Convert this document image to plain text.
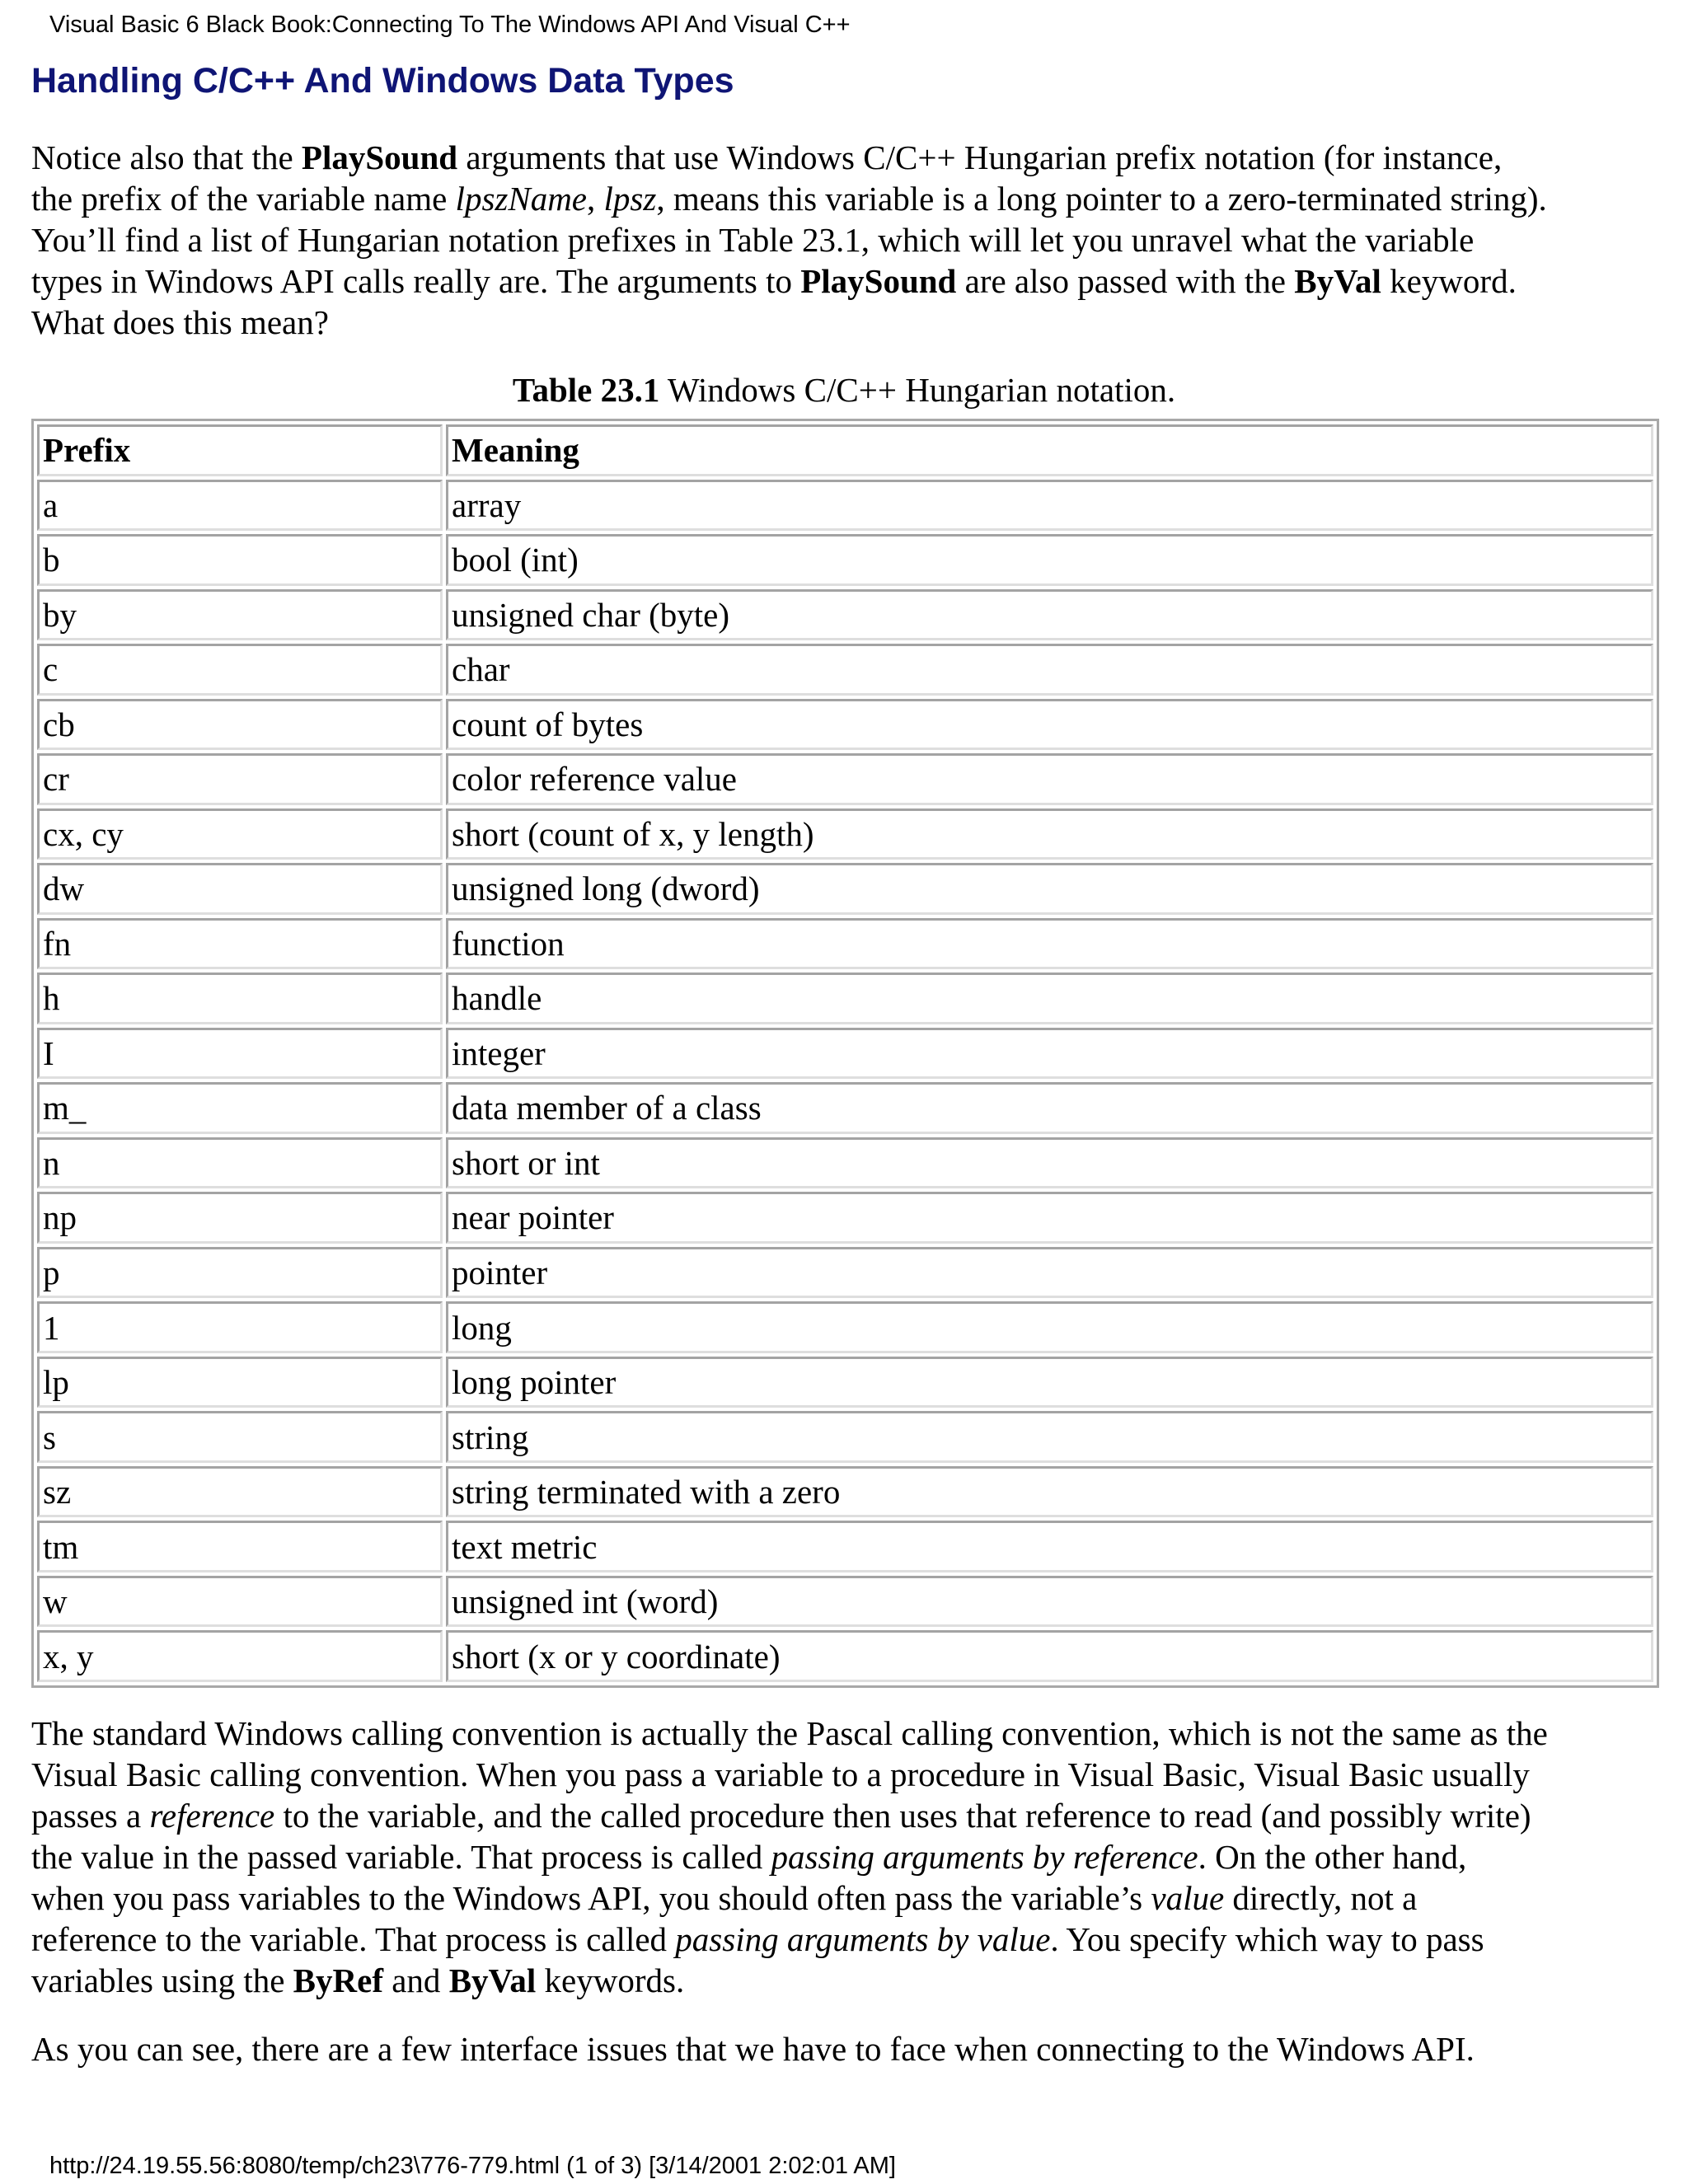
Visual Basic 6 Black Book:Connecting To The Windows API And Visual C++
Handling C/C++ And Windows Data Types
Notice also that the PlaySound arguments that use Windows C/C++ Hungarian prefix notation (for instance,
the prefix of the variable name lpszName, lpsz, means this variable is a long pointer to a zero-terminated string).
You’ll find a list of Hungarian notation prefixes in Table 23.1, which will let you unravel what the variable
types in Windows API calls really are. The arguments to PlaySound are also passed with the ByVal keyword.
What does this mean?

Table 23.1 Windows C/C++ Hungarian notation.

Prefix	Meaning
a	array
b	bool (int)
by	unsigned char (byte)
c	char
cb	count of bytes
cr	color reference value
cx, cy	short (count of x, y length)
dw	unsigned long (dword)
fn	function
h	handle
I	integer
m_	data member of a class
n	short or int
np	near pointer
p	pointer
1	long
lp	long pointer
s	string
sz	string terminated with a zero
tm	text metric
w	unsigned int (word)
x, y	short (x or y coordinate)
The standard Windows calling convention is actually the Pascal calling convention, which is not the same as the
Visual Basic calling convention. When you pass a variable to a procedure in Visual Basic, Visual Basic usually
passes a reference to the variable, and the called procedure then uses that reference to read (and possibly write)
the value in the passed variable. That process is called passing arguments by reference. On the other hand,
when you pass variables to the Windows API, you should often pass the variable’s value directly, not a
reference to the variable. That process is called passing arguments by value. You specify which way to pass
variables using the ByRef and ByVal keywords.

As you can see, there are a few interface issues that we have to face when connecting to the Windows API.

http://24.19.55.56:8080/temp/ch23\776-779.html (1 of 3) [3/14/2001 2:02:01 AM]
